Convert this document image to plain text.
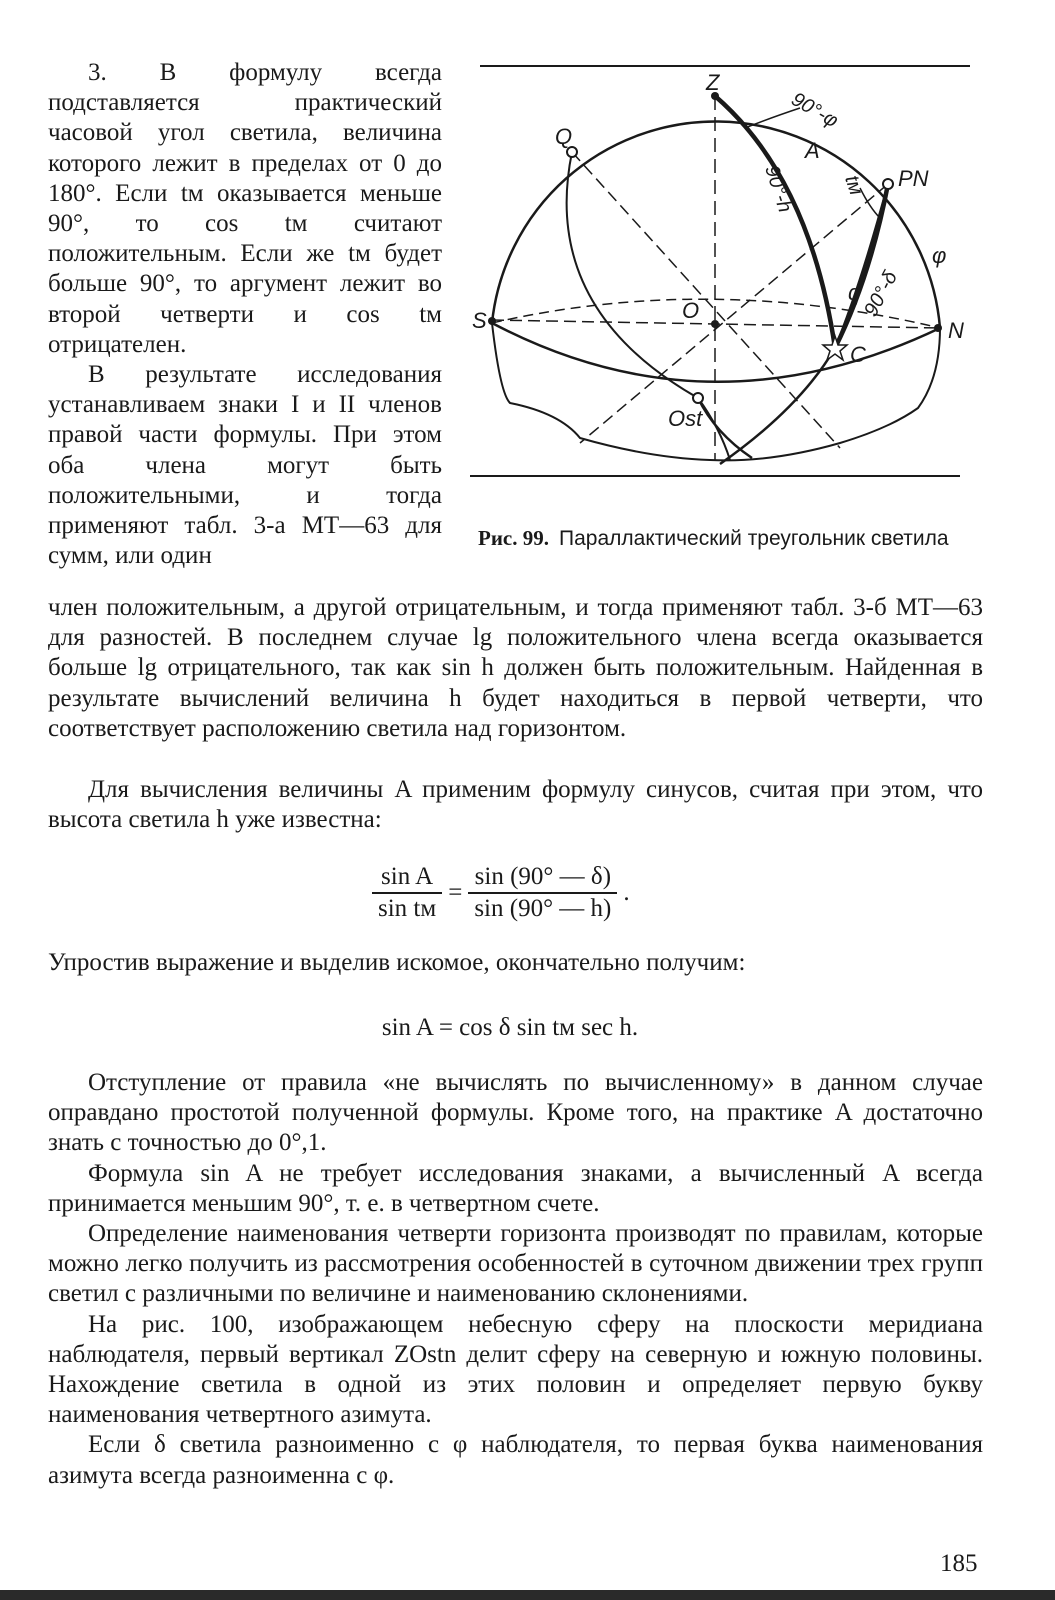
3. В формулу всегда подставляется практический часовой угол светила, величина которого лежит в пределах от 0 до 180°. Если tм оказывается меньше 90°, то cos tм считают положительным. Если же tм будет больше 90°, то аргумент лежит во второй четверти и cos tм отрицателен.

В результате исследования устанавливаем знаки I и II членов правой части формулы. При этом оба члена могут быть положительными, и тогда применяют табл. 3-а МТ—63 для сумм, или один

Z
Q
PN
S	N
O
Ost
C
A
q
90°-φ
90°-h
90°-δ
tм
φ
Рис. 99. Параллактический треугольник светила

член положительным, а другой отрицательным, и тогда применяют табл. 3-б МТ—63 для разностей. В последнем случае lg положительного члена всегда оказывается больше lg отрицательного, так как sin h должен быть положительным. Найденная в результате вычислений величина h будет находиться в первой четверти, что соответствует расположению светила над горизонтом.

Для вычисления величины A применим формулу синусов, считая при этом, что высота светила h уже известна:

$\frac{\text{sin A}}{\text{sin tм}} = \frac{\sin (90^\circ — \delta)}{\sin (90^\circ — h)}$ .

Упростив выражение и выделив искомое, окончательно получим:

sin A = cos δ sin tм sec h.

Отступление от правила «не вычислять по вычисленному» в данном случае оправдано простотой полученной формулы. Кроме того, на практике A достаточно знать с точностью до 0°,1.

Формула sin A не требует исследования знаками, а вычисленный A всегда принимается меньшим 90°, т. е. в четвертном счете.

Определение наименования четверти горизонта производят по правилам, которые можно легко получить из рассмотрения особенностей в суточном движении трех групп светил с различными по величине и наименованию склонениями.

На рис. 100, изображающем небесную сферу на плоскости меридиана наблюдателя, первый вертикал ZOstn делит сферу на северную и южную половины. Нахождение светила в одной из этих половин и определяет первую букву наименования четвертного азимута.

Если δ светила разноименно с φ наблюдателя, то первая буква наименования азимута всегда разноименна с φ.

185
